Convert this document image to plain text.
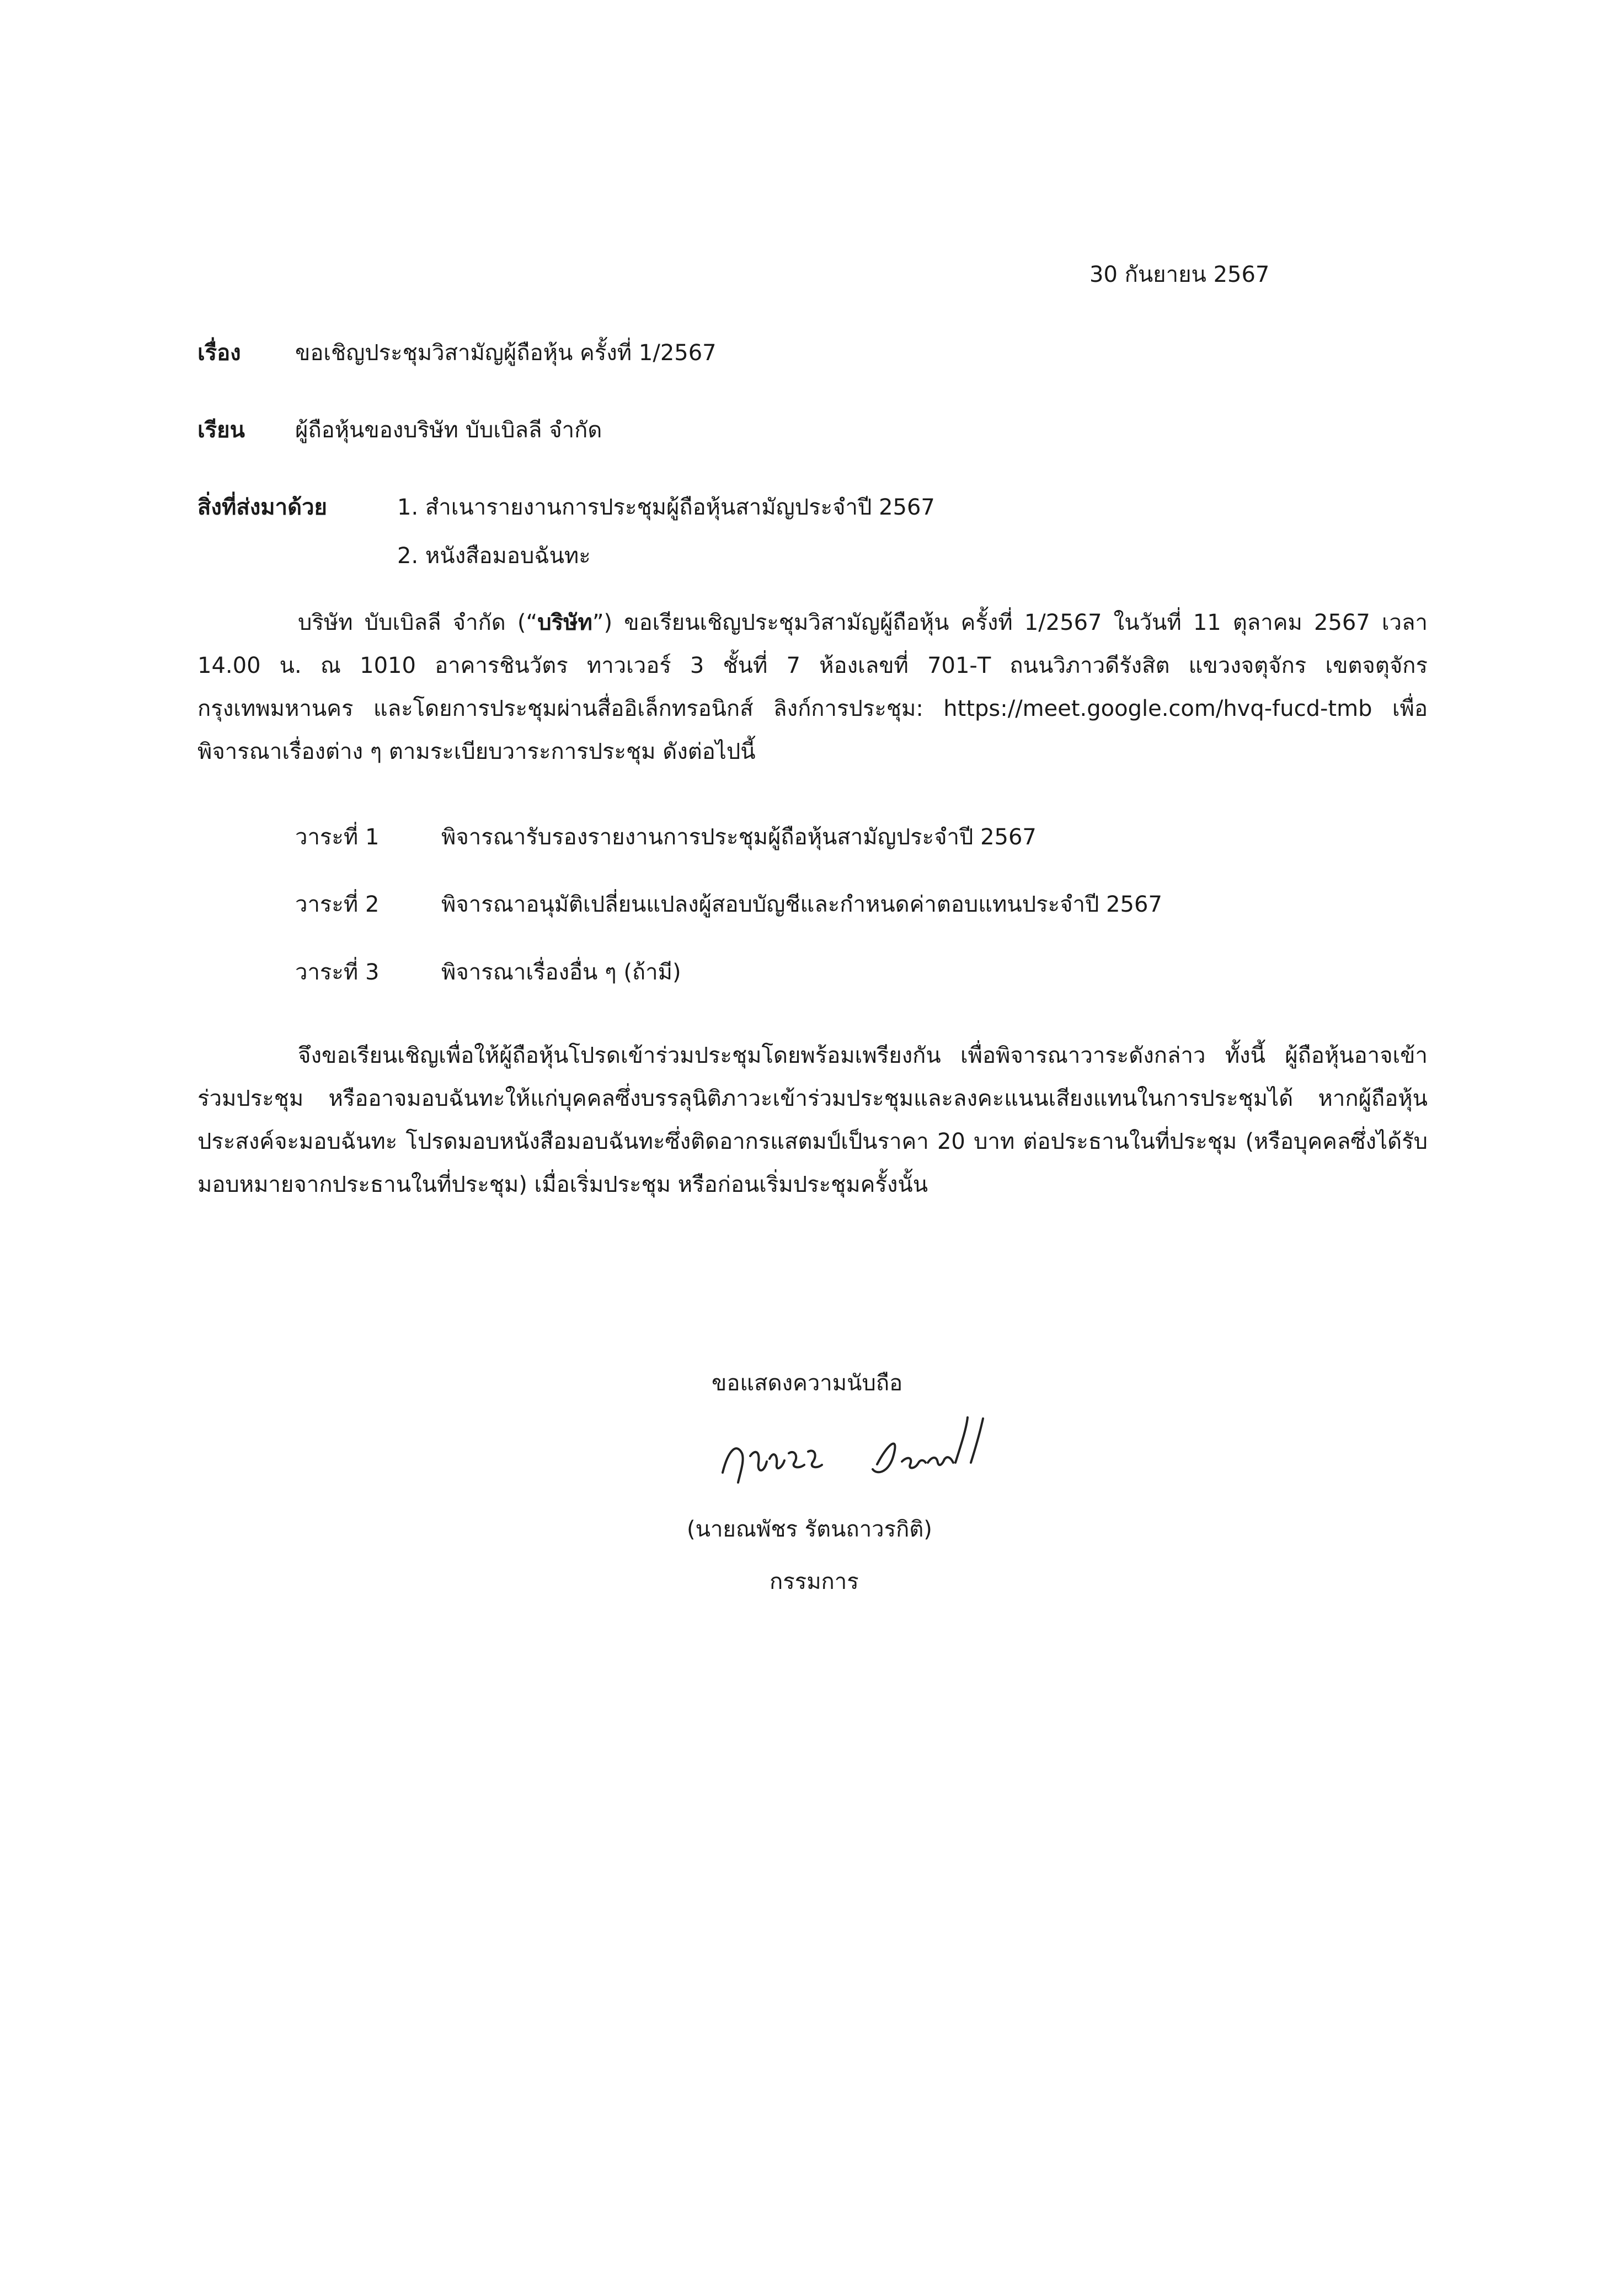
30 กันยายน 2567
เรื่อง ขอเชิญประชุมวิสามัญผู้ถือหุ้น ครั้งที่ 1/2567
เรียน ผู้ถือหุ้นของบริษัท บับเบิลลี จำกัด
สิ่งที่ส่งมาด้วย	1. สำเนารายงานการประชุมผู้ถือหุ้นสามัญประจำปี 2567
2. หนังสือมอบฉันทะ
บริษัท บับเบิลลี จำกัด (“บริษัท”) ขอเรียนเชิญประชุมวิสามัญผู้ถือหุ้น ครั้งที่ 1/2567 ในวันที่ 11 ตุลาคม 2567 เวลา 14.00 น. ณ 1010 อาคารชินวัตร ทาวเวอร์ 3 ชั้นที่ 7 ห้องเลขที่ 701-T ถนนวิภาวดีรังสิต แขวงจตุจักร เขตจตุจักร กรุงเทพมหานคร และโดยการประชุมผ่านสื่ออิเล็กทรอนิกส์ ลิงก์การประชุม: https://meet.google.com/hvq-fucd-tmb เพื่อพิจารณาเรื่องต่าง ๆ ตามระเบียบวาระการประชุม ดังต่อไปนี้
วาระที่ 1	พิจารณารับรองรายงานการประชุมผู้ถือหุ้นสามัญประจำปี 2567
วาระที่ 2	พิจารณาอนุมัติเปลี่ยนแปลงผู้สอบบัญชีและกำหนดค่าตอบแทนประจำปี 2567
วาระที่ 3	พิจารณาเรื่องอื่น ๆ (ถ้ามี)
จึงขอเรียนเชิญเพื่อให้ผู้ถือหุ้นโปรดเข้าร่วมประชุมโดยพร้อมเพรียงกัน เพื่อพิจารณาวาระดังกล่าว ทั้งนี้ ผู้ถือหุ้นอาจเข้าร่วมประชุม หรืออาจมอบฉันทะให้แก่บุคคลซึ่งบรรลุนิติภาวะเข้าร่วมประชุมและลงคะแนนเสียงแทนในการประชุมได้ หากผู้ถือหุ้นประสงค์จะมอบฉันทะ โปรดมอบหนังสือมอบฉันทะซึ่งติดอากรแสตมป์เป็นราคา 20 บาท ต่อประธานในที่ประชุม (หรือบุคคลซึ่งได้รับมอบหมายจากประธานในที่ประชุม) เมื่อเริ่มประชุม หรือก่อนเริ่มประชุมครั้งนั้น
ขอแสดงความนับถือ
(นายณพัชร รัตนถาวรกิติ)
กรรมการ
